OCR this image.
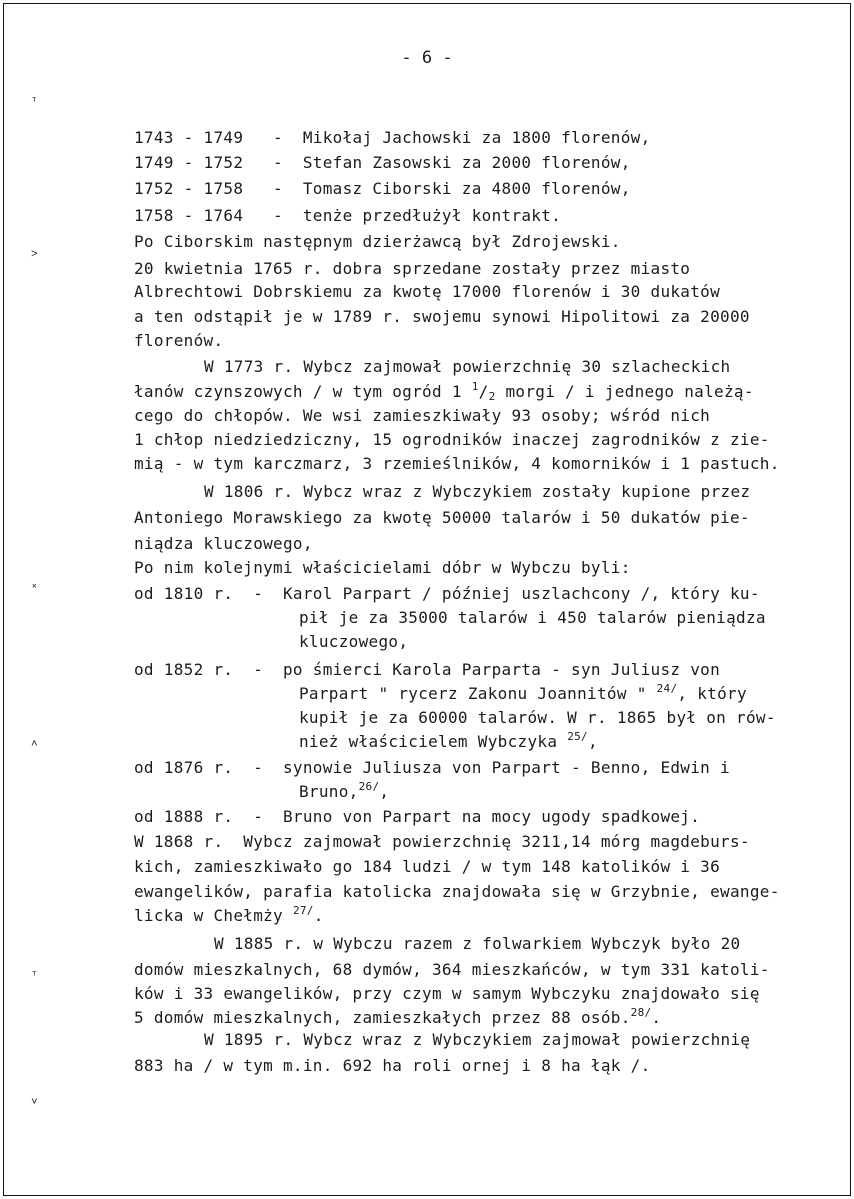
- 6 -
ᵀ
˃
˟
˄
ᵀ
˅
1743 - 1749   -  Mikołaj Jachowski za 1800 florenów,
1749 - 1752   -  Stefan Zasowski za 2000 florenów,
1752 - 1758   -  Tomasz Ciborski za 4800 florenów,
1758 - 1764   -  tenże przedłużył kontrakt.
Po Ciborskim następnym dzierżawcą był Zdrojewski.
20 kwietnia 1765 r. dobra sprzedane zostały przez miasto
Albrechtowi Dobrskiemu za kwotę 17000 florenów i 30 dukatów
a ten odstąpił je w 1789 r. swojemu synowi Hipolitowi za 20000
florenów.
W 1773 r. Wybcz zajmował powierzchnię 30 szlacheckich
łanów czynszowych / w tym ogród 1 $^1/_2$ morgi / i jednego należą-
cego do chłopów. We wsi zamieszkiwały 93 osoby; wśród nich
1 chłop niedziedziczny, 15 ogrodników inaczej zagrodników z zie-
mią - w tym karczmarz, 3 rzemieślników, 4 komorników i 1 pastuch.
W 1806 r. Wybcz wraz z Wybczykiem zostały kupione przez
Antoniego Morawskiego za kwotę 50000 talarów i 50 dukatów pie-
niądza kluczowego,
Po nim kolejnymi właścicielami dóbr w Wybczu byli:
od 1810 r.  -  Karol Parpart / później uszlachcony /, który ku-
pił je za 35000 talarów i 450 talarów pieniądza
kluczowego,
od 1852 r.  -  po śmierci Karola Parparta - syn Juliusz von
Parpart " rycerz Zakonu Joannitów " $^{24/}$, który
kupił je za 60000 talarów. W r. 1865 był on rów-
nież właścicielem Wybczyka $^{25/}$,
od 1876 r.  -  synowie Juliusza von Parpart - Benno, Edwin i
Bruno,$^{26/}$,
od 1888 r.  -  Bruno von Parpart na mocy ugody spadkowej.
W 1868 r.  Wybcz zajmował powierzchnię 3211,14 mórg magdeburs-
kich, zamieszkiwało go 184 ludzi / w tym 148 katolików i 36
ewangelików, parafia katolicka znajdowała się w Grzybnie, ewange-
licka w Chełmży $^{27/}$.
W 1885 r. w Wybczu razem z folwarkiem Wybczyk było 20
domów mieszkalnych, 68 dymów, 364 mieszkańców, w tym 331 katoli-
ków i 33 ewangelików, przy czym w samym Wybczyku znajdowało się
5 domów mieszkalnych, zamieszkałych przez 88 osób.$^{28/}$.
W 1895 r. Wybcz wraz z Wybczykiem zajmował powierzchnię
883 ha / w tym m.in. 692 ha roli ornej i 8 ha łąk /.
